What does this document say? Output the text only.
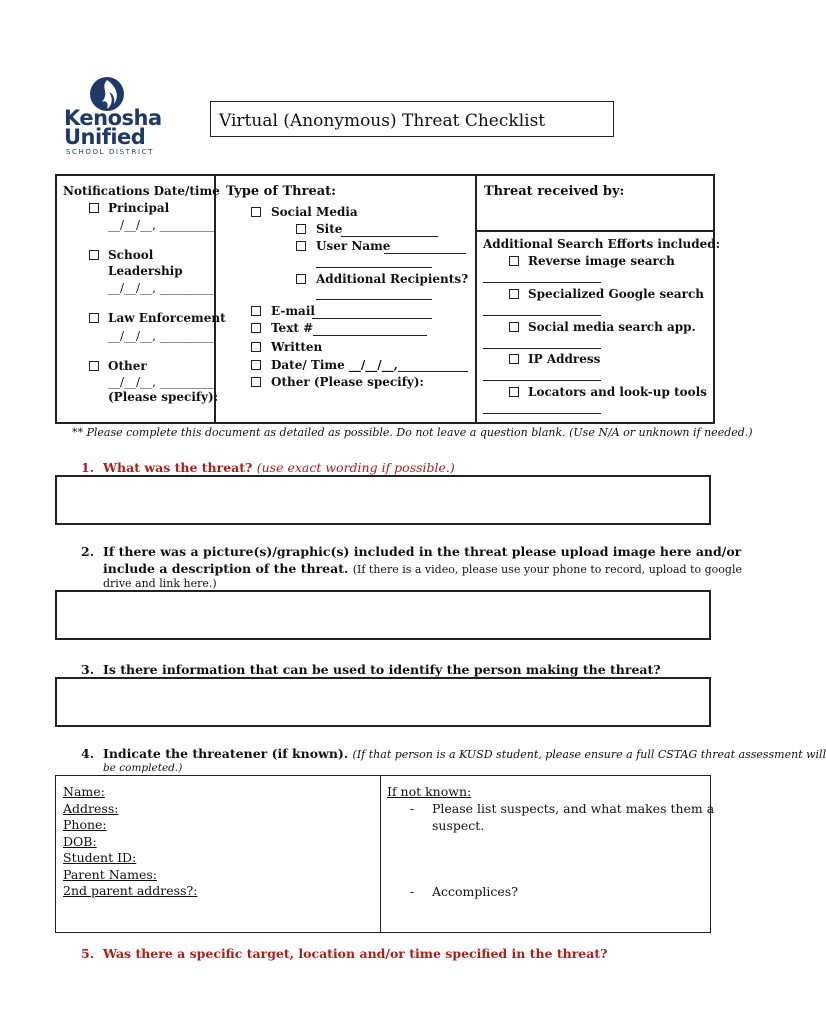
Kenosha
Unified
SCHOOL DISTRICT
Virtual (Anonymous) Threat Checklist
Notifications Date/time
Principal
__/__/__, _________
School
Leadership
__/__/__, _________
Law Enforcement
__/__/__, _________
Other
__/__/__, _________
(Please specify):
Type of Threat:
Social Media
Site
User Name
Additional Recipients?
E-mail
Text #
Written
Date/ Time __/__/__,
Other (Please specify):
Threat received by:
Additional Search Efforts included:
Reverse image search
Specialized Google search
Social media search app.
IP Address
Locators and look-up tools
** Please complete this document as detailed as possible. Do not leave a question blank. (Use N/A or unknown if needed.)
1. What was the threat? (use exact wording if possible.)
2. If there was a picture(s)/graphic(s) included in the threat please upload image here and/or
include a description of the threat. (If there is a video, please use your phone to record, upload to google
drive and link here.)
3. Is there information that can be used to identify the person making the threat?
4. Indicate the threatener (if known). (If that person is a KUSD student, please ensure a full CSTAG threat assessment will
be completed.)
Name:
Address:
Phone:
DOB:
Student ID:
Parent Names:
2nd parent address?:
If not known:
- Please list suspects, and what makes them a
suspect.
- Accomplices?
5. Was there a specific target, location and/or time specified in the threat?
